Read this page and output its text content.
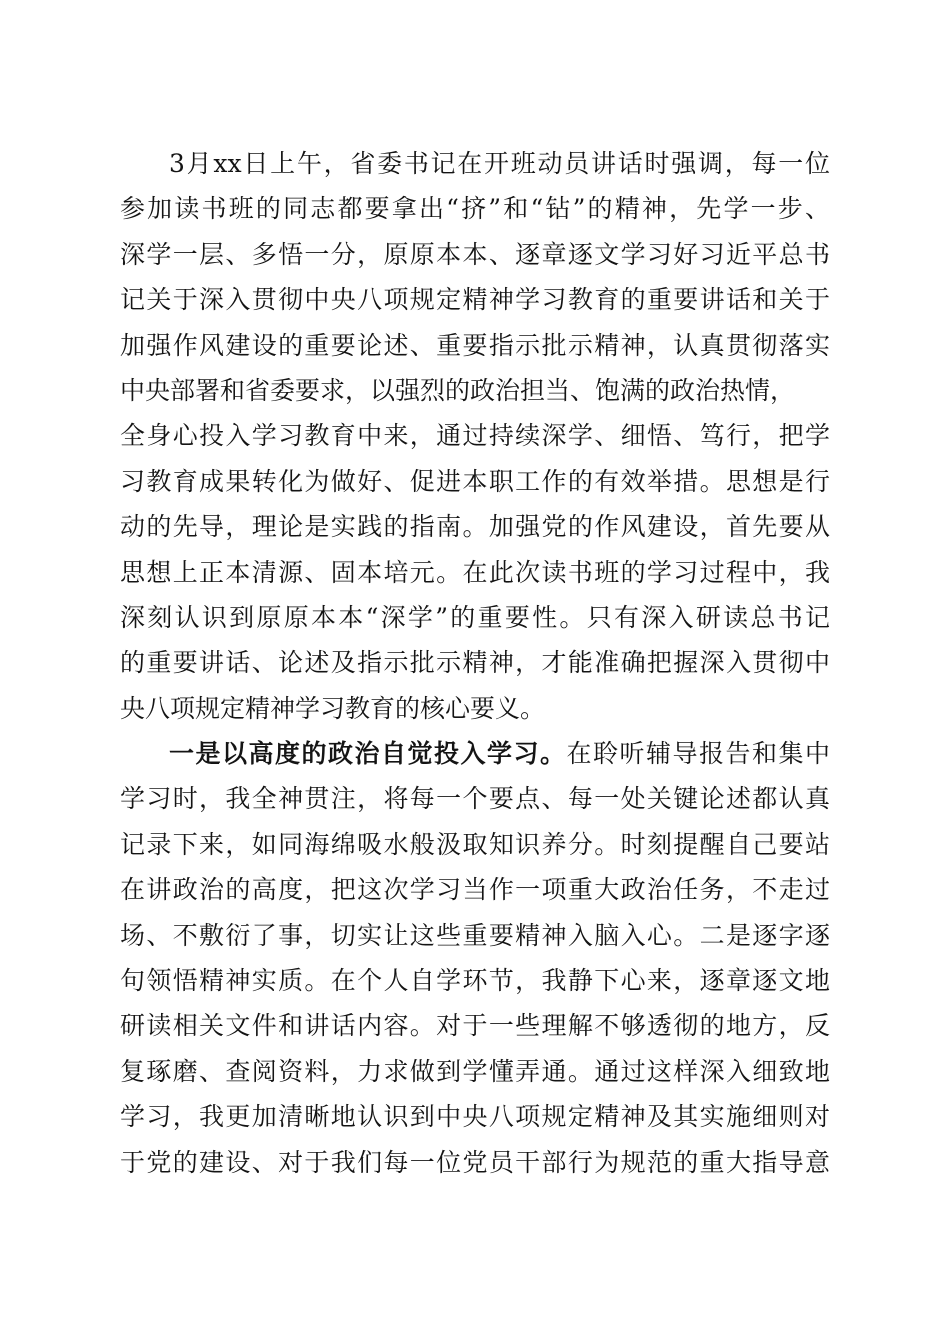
3月xx日上午，省委书记在开班动员讲话时强调，每一位
参加读书班的同志都要拿出“挤”和“钻”的精神，先学一步、
深学一层、多悟一分，原原本本、逐章逐文学习好习近平总书
记关于深入贯彻中央八项规定精神学习教育的重要讲话和关于
加强作风建设的重要论述、重要指示批示精神，认真贯彻落实
中央部署和省委要求，以强烈的政治担当、饱满的政治热情，
全身心投入学习教育中来，通过持续深学、细悟、笃行，把学
习教育成果转化为做好、促进本职工作的有效举措。思想是行
动的先导，理论是实践的指南。加强党的作风建设，首先要从
思想上正本清源、固本培元。在此次读书班的学习过程中，我
深刻认识到原原本本“深学”的重要性。只有深入研读总书记
的重要讲话、论述及指示批示精神，才能准确把握深入贯彻中
央八项规定精神学习教育的核心要义。
一是以高度的政治自觉投入学习。在聆听辅导报告和集中
学习时，我全神贯注，将每一个要点、每一处关键论述都认真
记录下来，如同海绵吸水般汲取知识养分。时刻提醒自己要站
在讲政治的高度，把这次学习当作一项重大政治任务，不走过
场、不敷衍了事，切实让这些重要精神入脑入心。二是逐字逐
句领悟精神实质。在个人自学环节，我静下心来，逐章逐文地
研读相关文件和讲话内容。对于一些理解不够透彻的地方，反
复琢磨、查阅资料，力求做到学懂弄通。通过这样深入细致地
学习，我更加清晰地认识到中央八项规定精神及其实施细则对
于党的建设、对于我们每一位党员干部行为规范的重大指导意
